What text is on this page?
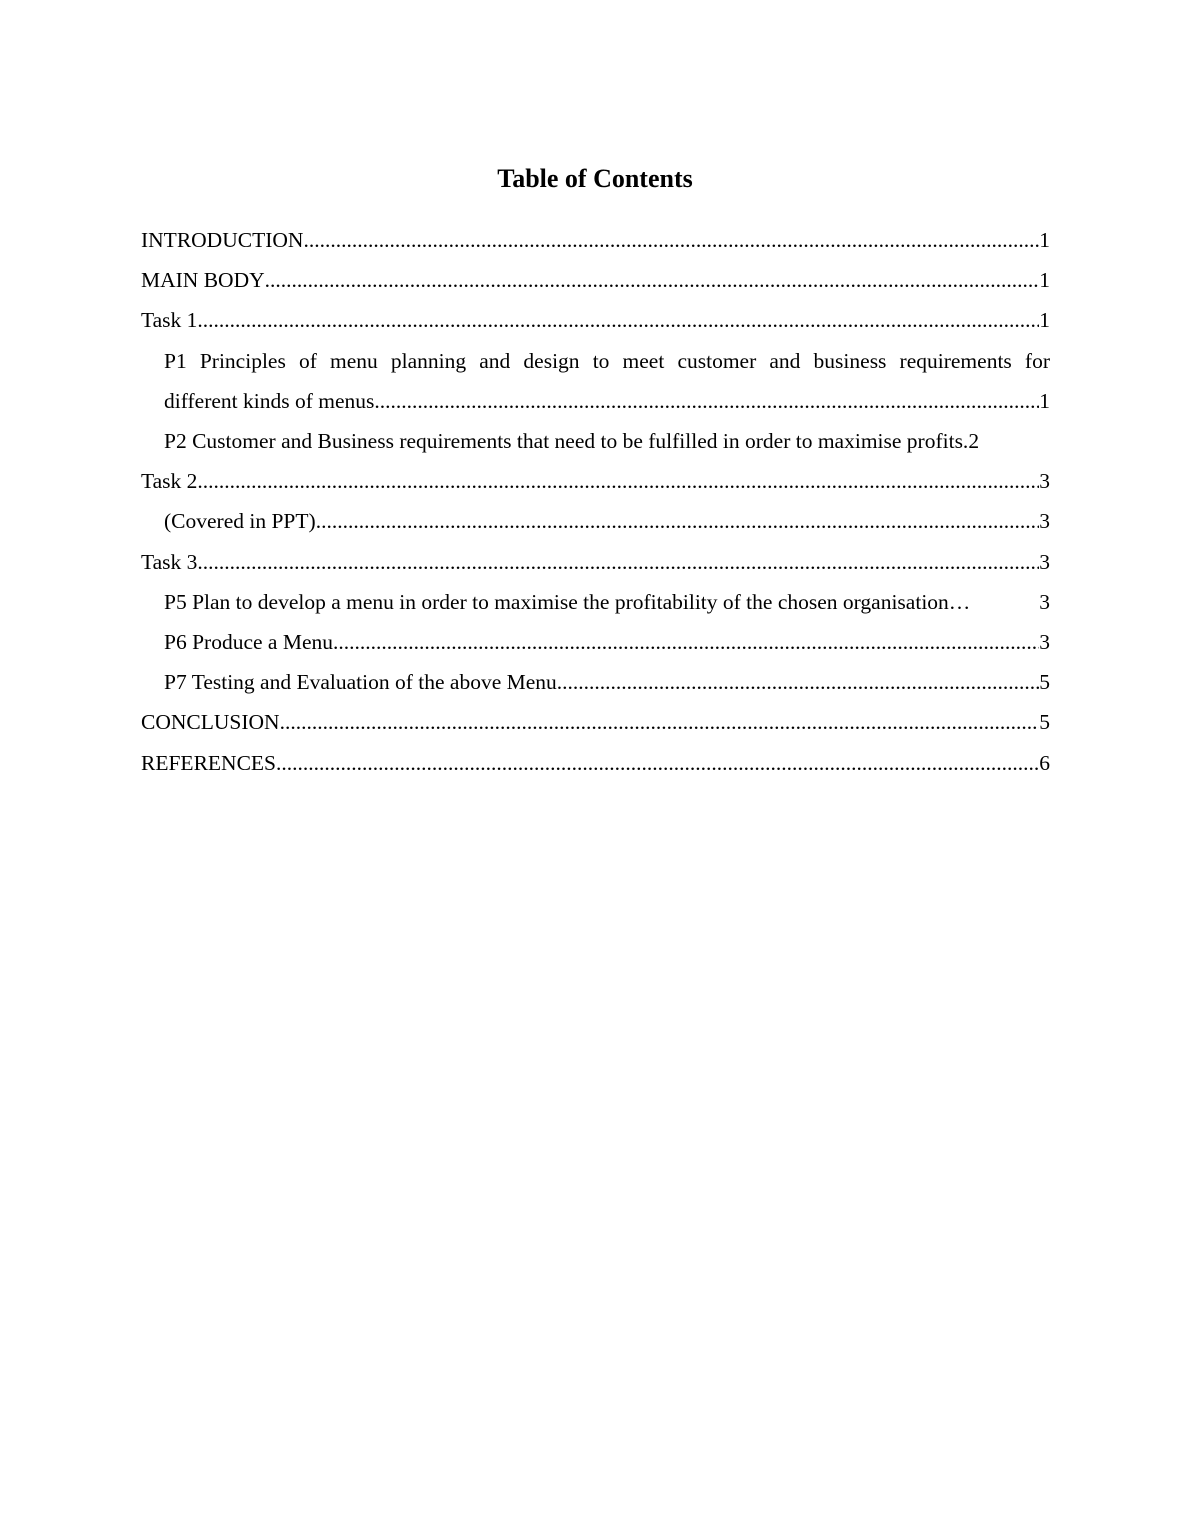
Table of Contents
INTRODUCTION .....	1
MAIN BODY .....	1
Task 1 .....	1
P1 Principles of menu planning and design to meet customer and business requirements for
different kinds of menus .....	1
P2 Customer and Business requirements that need to be fulfilled in order to maximise profits. 2
Task 2 .....	3
(Covered in PPT) .....	3
Task 3 .....	3
P5 Plan to develop a menu in order to maximise the profitability of the chosen organisation …	3
P6 Produce a Menu .....	3
P7 Testing and Evaluation of the above Menu .....	5
CONCLUSION .....	5
REFERENCES .....	6
